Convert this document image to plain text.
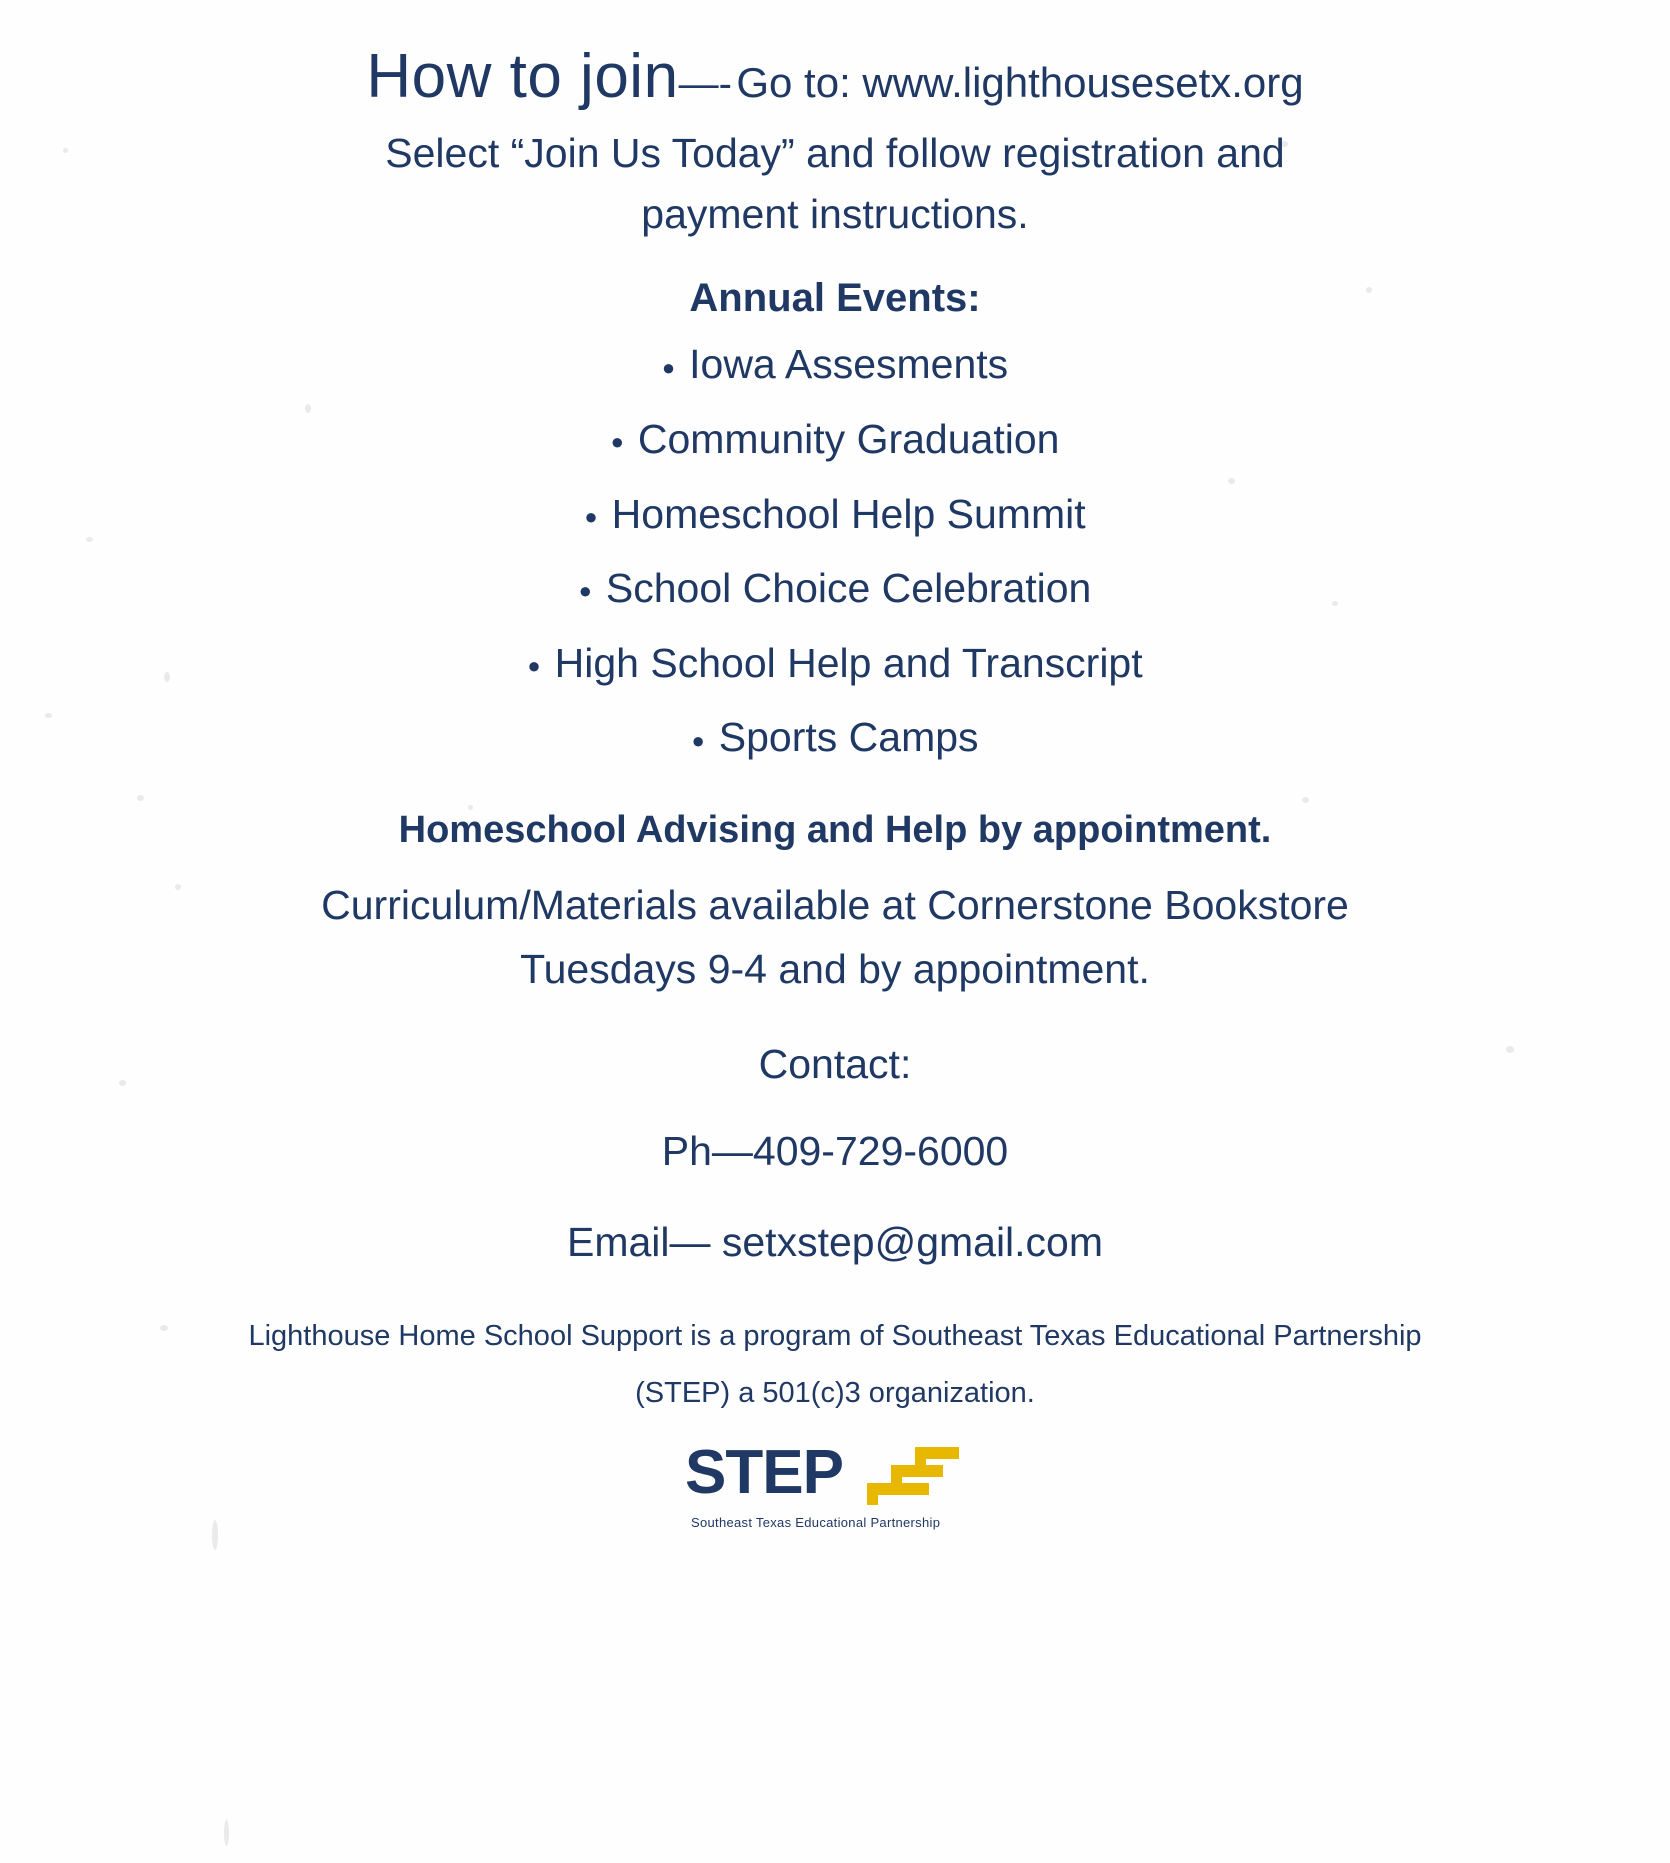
How to join—- Go to: www.lighthousesetx.org

Select “Join Us Today” and follow registration and payment instructions.

Annual Events:
● Iowa Assesments
● Community Graduation
● Homeschool Help Summit
● School Choice Celebration
● High School Help and Transcript
● Sports Camps
Homeschool Advising and Help by appointment.
Curriculum/Materials available at Cornerstone Bookstore Tuesdays 9-4 and by appointment.
Contact:
Ph—409-729-6000
Email— setxstep@gmail.com
Lighthouse Home School Support is a program of Southeast Texas Educational Partnership (STEP) a 501(c)3 organization.
STEP
Southeast Texas Educational Partnership
